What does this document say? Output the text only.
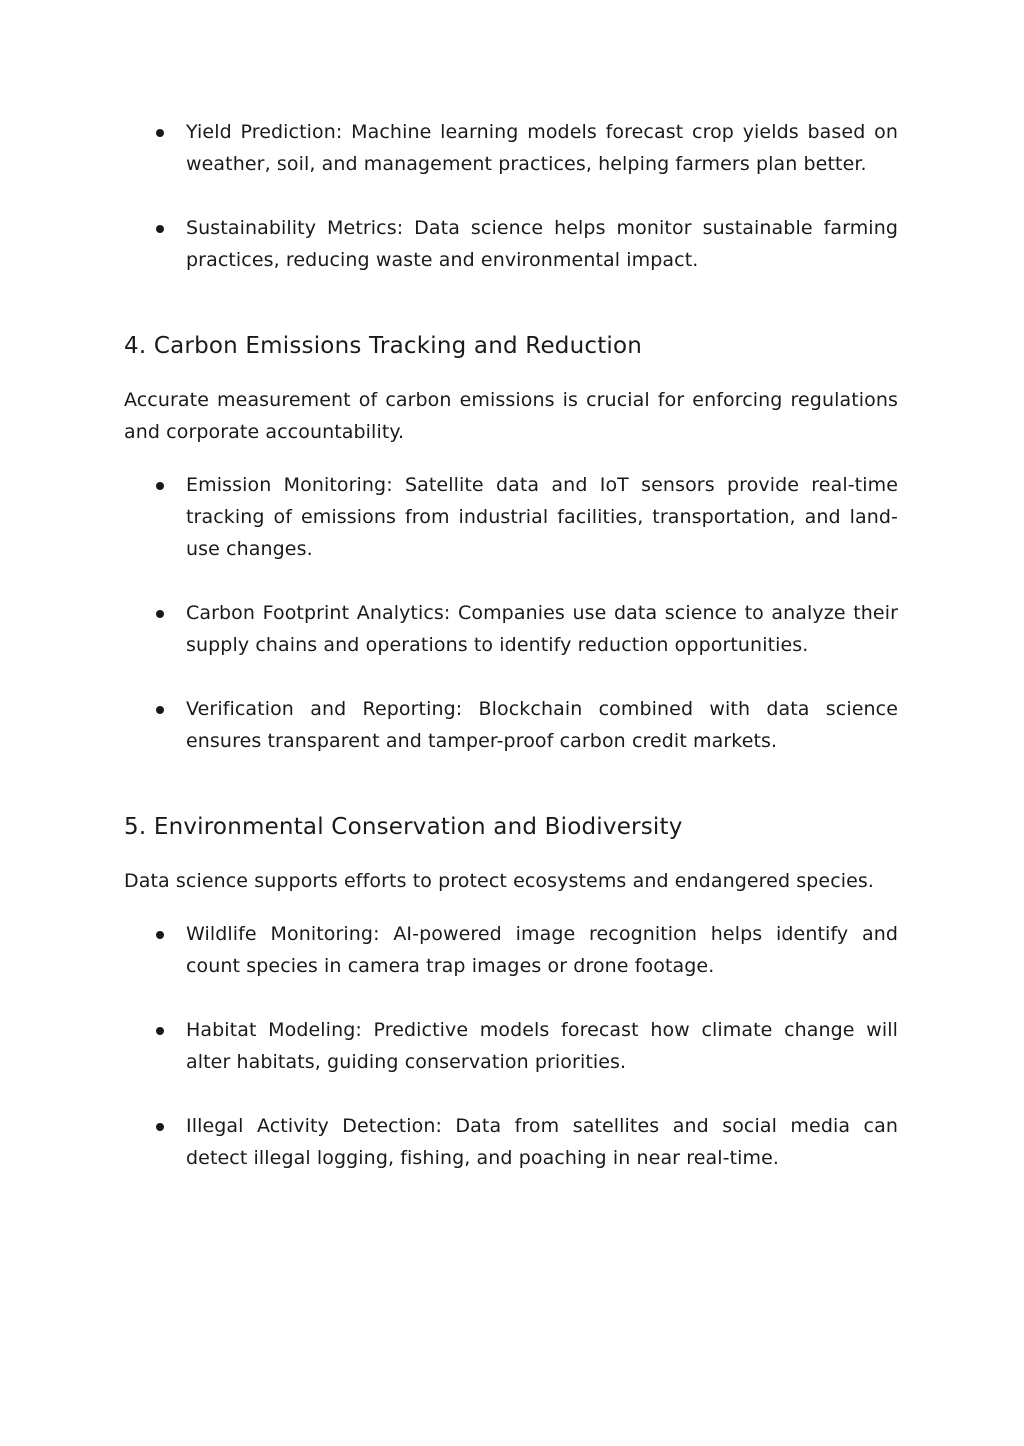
Yield Prediction: Machine learning models forecast crop yields based on weather, soil, and management practices, helping farmers plan better.
Sustainability Metrics: Data science helps monitor sustainable farming practices, reducing waste and environmental impact.
4. Carbon Emissions Tracking and Reduction

Accurate measurement of carbon emissions is crucial for enforcing regulations and corporate accountability.

Emission Monitoring: Satellite data and IoT sensors provide real-time tracking of emissions from industrial facilities, transportation, and land-use changes.
Carbon Footprint Analytics: Companies use data science to analyze their supply chains and operations to identify reduction opportunities.
Verification and Reporting: Blockchain combined with data science ensures transparent and tamper-proof carbon credit markets.
5. Environmental Conservation and Biodiversity

Data science supports efforts to protect ecosystems and endangered species.

Wildlife Monitoring: AI-powered image recognition helps identify and count species in camera trap images or drone footage.
Habitat Modeling: Predictive models forecast how climate change will alter habitats, guiding conservation priorities.
Illegal Activity Detection: Data from satellites and social media can detect illegal logging, fishing, and poaching in near real-time.
